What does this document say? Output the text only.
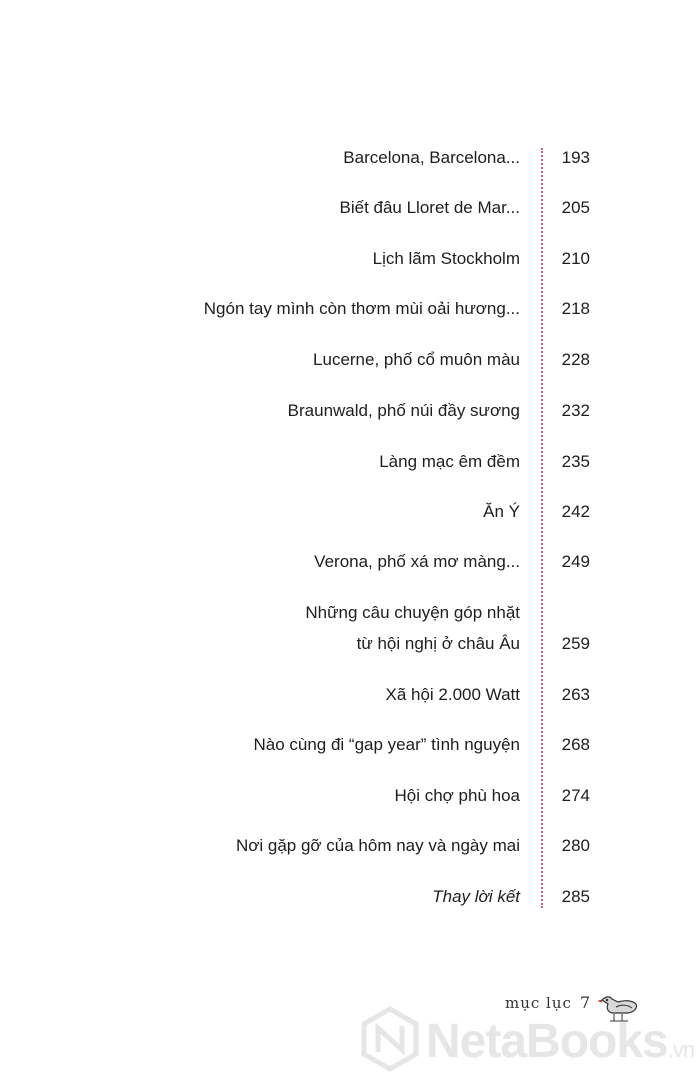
Barcelona, Barcelona...	193
Biết đâu Lloret de Mar...	205
Lịch lãm Stockholm	210
Ngón tay mình còn thơm mùi oải hương...	218
Lucerne, phố cổ muôn màu	228
Braunwald, phố núi đầy sương	232
Làng mạc êm đềm	235
Ăn Ý	242
Verona, phố xá mơ màng...	249
Những câu chuyện góp nhặt
từ hội nghị ở châu Âu	259
Xã hội 2.000 Watt	263
Nào cùng đi “gap year” tình nguyện	268
Hội chợ phù hoa	274
Nơi gặp gỡ của hôm nay và ngày mai	280
Thay lời kết	285
mục lục 7
NetaBooks.vn
